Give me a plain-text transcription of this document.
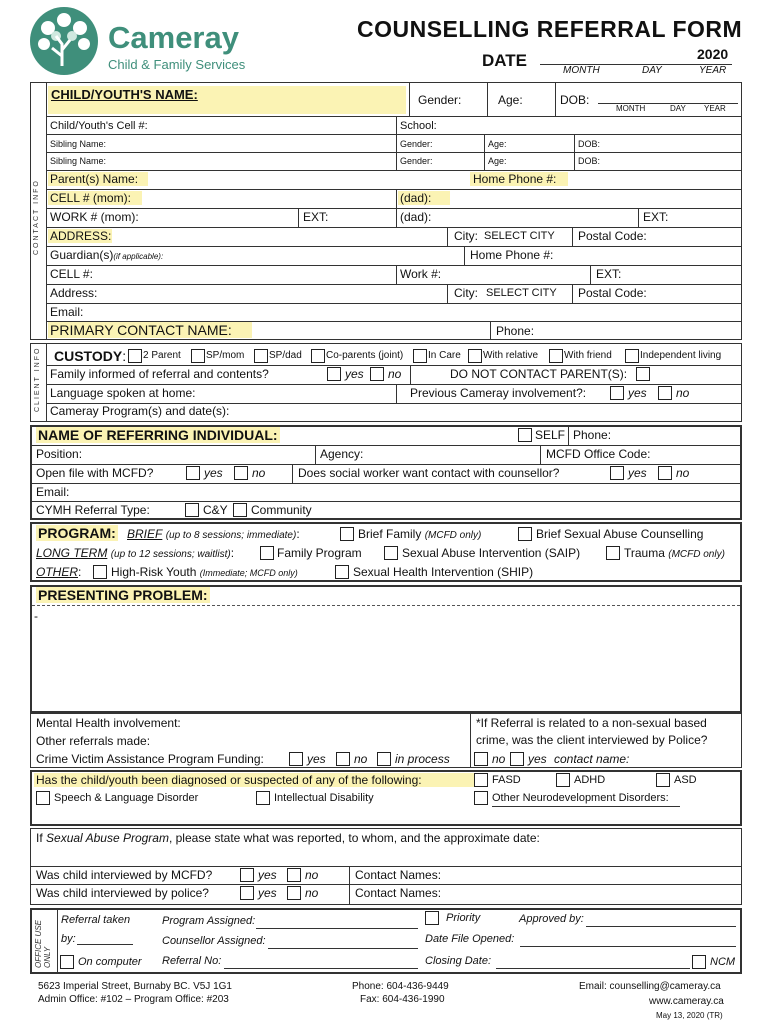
Cameray
Child & Family Services
COUNSELLING REFERRAL FORM
DATE	2020
MONTH	DAY	YEAR
CONTACT INFO
CHILD/YOUTH'S NAME:	Gender:	Age:	DOB:
MONTH	DAY YEAR
Child/Youth's Cell #:	School:
Sibling Name:	Gender:	Age:	DOB:
Sibling Name:	Gender:	Age:	DOB:
Parent(s) Name:	Home Phone #:
CELL # (mom):	(dad):
WORK # (mom):	EXT:	(dad):	EXT:
ADDRESS:	City: SELECT CITY Postal Code:
Guardian(s)(if applicable):	Home Phone #:
CELL #:	Work #:	EXT:
Address:	City: SELECT CITY Postal Code:
Email:
PRIMARY CONTACT NAME:	Phone:
CLIENT INFO CUSTODY: 2 Parent	SP/mom SP/dad Co-parents (joint) In Care With relative	With friend	Independent living
Family informed of referral and contents?	yes no	DO NOT CONTACT PARENT(S):
Language spoken at home:	Previous Cameray involvement?:	yes no
Cameray Program(s) and date(s):
NAME OF REFERRING INDIVIDUAL:	SELF Phone:
Position:	Agency:	MCFD Office Code:
Open file with MCFD?	yes no	Does social worker want contact with counsellor?	yes no
Email:
CYMH Referral Type:	C&Y Community
PROGRAM: BRIEF (up to 8 sessions; immediate):	Brief Family (MCFD only)	Brief Sexual Abuse Counselling
LONG TERM (up to 12 sessions; waitlist):	Family Program	Sexual Abuse Intervention (SAIP)	Trauma (MCFD only)
OTHER: High-Risk Youth (Immediate; MCFD only)	Sexual Health Intervention (SHIP)
PRESENTING PROBLEM:
-
Mental Health involvement:
Other referrals made:
Crime Victim Assistance Program Funding:	yes no in process
*If Referral is related to a non-sexual based
crime, was the client interviewed by Police?
no yes contact name:
Has the child/youth been diagnosed or suspected of any of the following:	FASD	ADHD	ASD
Speech & Language Disorder	Intellectual Disability	Other Neurodevelopment Disorders:
If Sexual Abuse Program, please state what was reported, to whom, and the approximate date:
Was child interviewed by MCFD?	yes no	Contact Names:
Was child interviewed by police?	yes no	Contact Names:
OFFICE USE ONLY
Referral taken
by:
On computer
Program Assigned:
Counsellor Assigned:
Referral No:
Priority	Approved by:
Date File Opened:
Closing Date:	NCM
5623 Imperial Street, Burnaby BC. V5J 1G1
Admin Office: #102 – Program Office: #203
Phone: 604-436-9449
Fax: 604-436-1990
Email: counselling@cameray.ca
www.cameray.ca
May 13, 2020 (TR)
